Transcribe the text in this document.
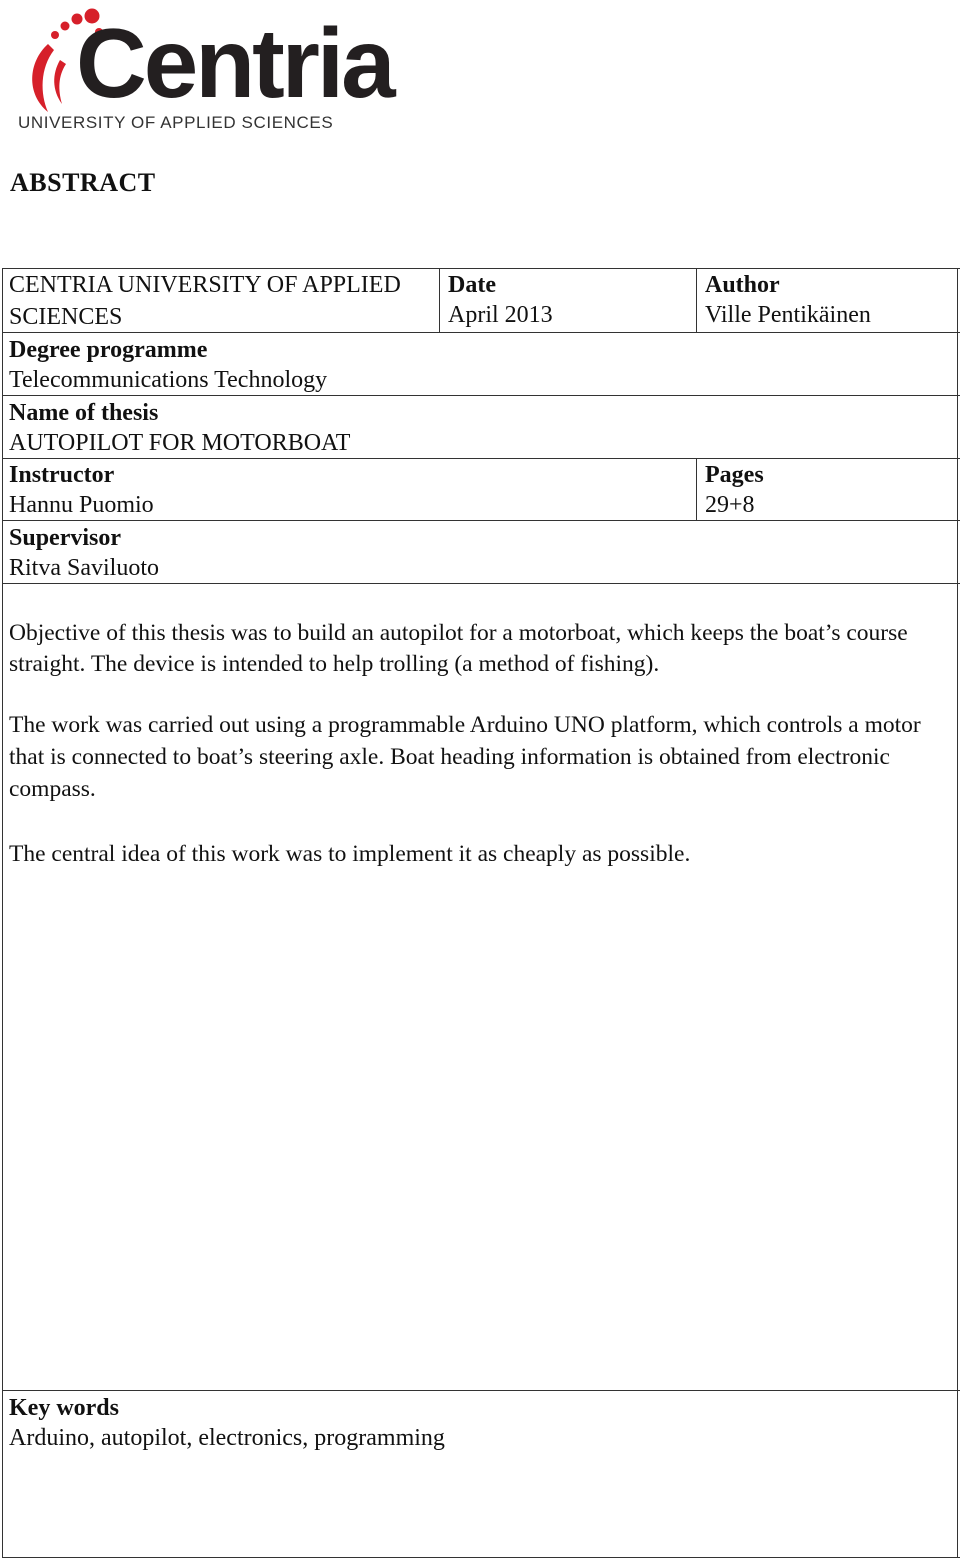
Centria
UNIVERSITY OF APPLIED SCIENCES
ABSTRACT
CENTRIA UNIVERSITY OF APPLIED SCIENCES
Date
April 2013
Author
Ville Pentikäinen
Degree programme
Telecommunications Technology
Name of thesis
AUTOPILOT FOR MOTORBOAT
Instructor
Hannu Puomio
Pages
29+8
Supervisor
Ritva Saviluoto

Objective of this thesis was to build an autopilot for a motorboat, which keeps the boat’s course straight. The device is intended to help trolling (a method of fishing).

The work was carried out using a programmable Arduino UNO platform, which controls a motor that is connected to boat’s steering axle. Boat heading information is obtained from electronic compass.

The central idea of this work was to implement it as cheaply as possible.

Key words
Arduino, autopilot, electronics, programming
